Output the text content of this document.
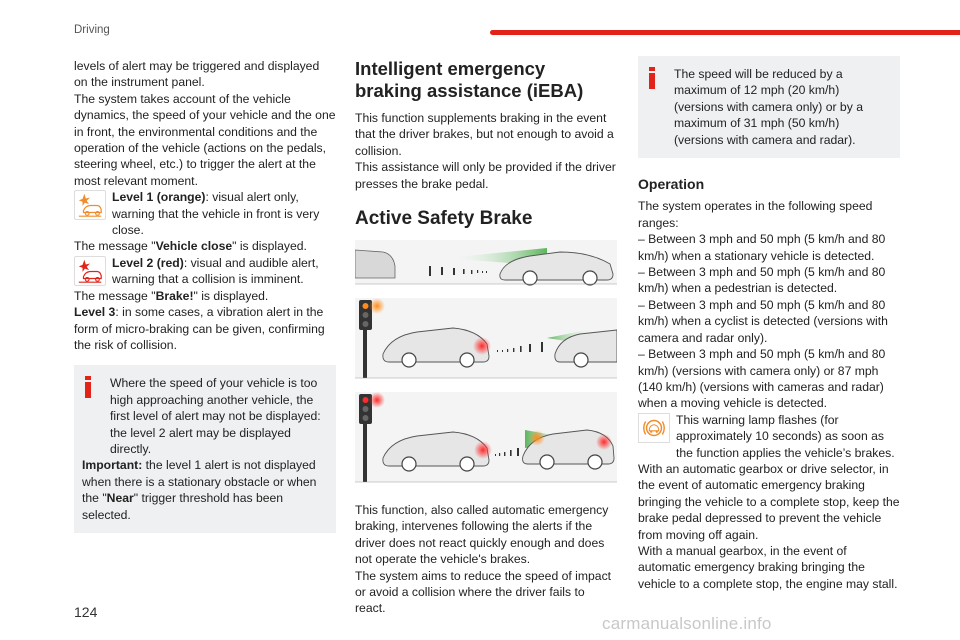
Driving

levels of alert may be triggered and displayed on the instrument panel.

The system takes account of the vehicle dynamics, the speed of your vehicle and the one in front, the environmental conditions and the operation of the vehicle (actions on the pedals, steering wheel, etc.) to trigger the alert at the most relevant moment.

Level 1 (orange): visual alert only, warning that the vehicle in front is very close.

The message "Vehicle close" is displayed.

Level 2 (red): visual and audible alert, warning that a collision is imminent.

The message "Brake!" is displayed.

Level 3: in some cases, a vibration alert in the form of micro-braking can be given, confirming the risk of collision.

Where the speed of your vehicle is too high approaching another vehicle, the first level of alert may not be displayed: the level 2 alert may be displayed directly.

Important: the level 1 alert is not displayed when there is a stationary obstacle or when the "Near" trigger threshold has been selected.

Intelligent emergency braking assistance (iEBA)

This function supplements braking in the event that the driver brakes, but not enough to avoid a collision.

This assistance will only be provided if the driver presses the brake pedal.

Active Safety Brake

This function, also called automatic emergency braking, intervenes following the alerts if the driver does not react quickly enough and does not operate the vehicle's brakes.

The system aims to reduce the speed of impact or avoid a collision where the driver fails to react.

The speed will be reduced by a maximum of 12 mph (20 km/h) (versions with camera only) or by a maximum of 31 mph (50 km/h) (versions with camera and radar).

Operation

The system operates in the following speed ranges:

– Between 3 mph and 50 mph (5 km/h and 80 km/h) when a stationary vehicle is detected.

– Between 3 mph and 50 mph (5 km/h and 80 km/h) when a pedestrian is detected.

– Between 3 mph and 50 mph (5 km/h and 80 km/h) when a cyclist is detected (versions with camera and radar only).

– Between 3 mph and 50 mph (5 km/h and 80 km/h) (versions with camera only) or 87 mph (140 km/h) (versions with cameras and radar) when a moving vehicle is detected.

This warning lamp flashes (for approximately 10 seconds) as soon as the function applies the vehicle’s brakes.

With an automatic gearbox or drive selector, in the event of automatic emergency braking bringing the vehicle to a complete stop, keep the brake pedal depressed to prevent the vehicle from moving off again.

With a manual gearbox, in the event of automatic emergency braking bringing the vehicle to a complete stop, the engine may stall.

124
carmanualsonline.info
